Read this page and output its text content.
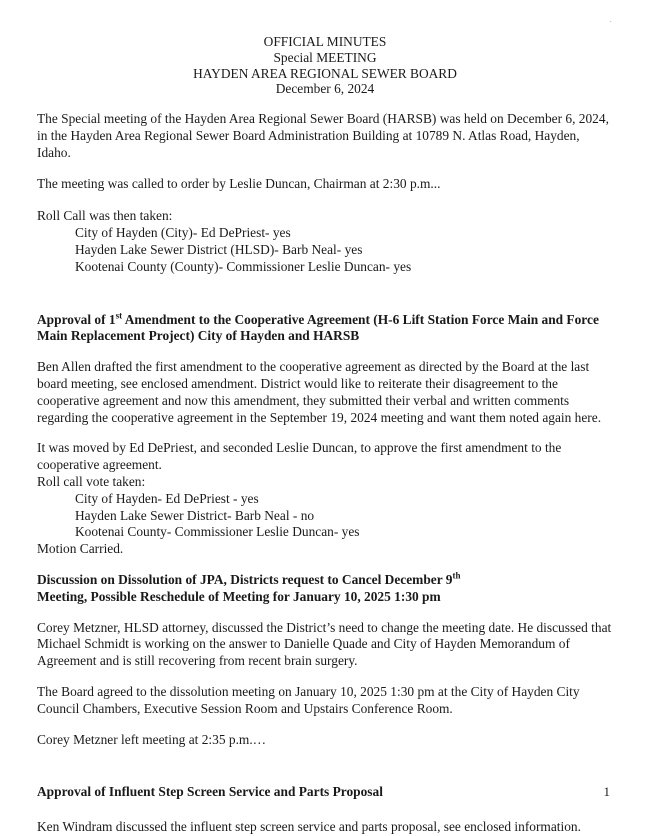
·
OFFICIAL MINUTES
Special MEETING
HAYDEN AREA REGIONAL SEWER BOARD
December 6, 2024

The Special meeting of the Hayden Area Regional Sewer Board (HARSB) was held on December 6, 2024, in the Hayden Area Regional Sewer Board Administration Building at 10789 N. Atlas Road, Hayden, Idaho.

The meeting was called to order by Leslie Duncan, Chairman at 2:30 p.m...

Roll Call was then taken:

City of Hayden (City)- Ed DePriest- yes

Hayden Lake Sewer District (HLSD)- Barb Neal- yes

Kootenai County (County)- Commissioner Leslie Duncan- yes

Approval of 1st Amendment to the Cooperative Agreement (H-6 Lift Station Force Main and Force Main Replacement Project) City of Hayden and HARSB

Ben Allen drafted the first amendment to the cooperative agreement as directed by the Board at the last board meeting, see enclosed amendment. District would like to reiterate their disagreement to the cooperative agreement and now this amendment, they submitted their verbal and written comments regarding the cooperative agreement in the September 19, 2024 meeting and want them noted again here.

It was moved by Ed DePriest, and seconded Leslie Duncan, to approve the first amendment to the cooperative agreement.

Roll call vote taken:

City of Hayden- Ed DePriest - yes

Hayden Lake Sewer District- Barb Neal - no

Kootenai County- Commissioner Leslie Duncan- yes

Motion Carried.

Discussion on Dissolution of JPA, Districts request to Cancel December 9th
Meeting, Possible Reschedule of Meeting for January 10, 2025 1:30 pm

Corey Metzner, HLSD attorney, discussed the District’s need to change the meeting date. He discussed that Michael Schmidt is working on the answer to Danielle Quade and City of Hayden Memorandum of Agreement and is still recovering from recent brain surgery.

The Board agreed to the dissolution meeting on January 10, 2025 1:30 pm at the City of Hayden City Council Chambers, Executive Session Room and Upstairs Conference Room.

Corey Metzner left meeting at 2:35 p.m.…

Approval of Influent Step Screen Service and Parts Proposal

Ken Windram discussed the influent step screen service and parts proposal, see enclosed information.

1
